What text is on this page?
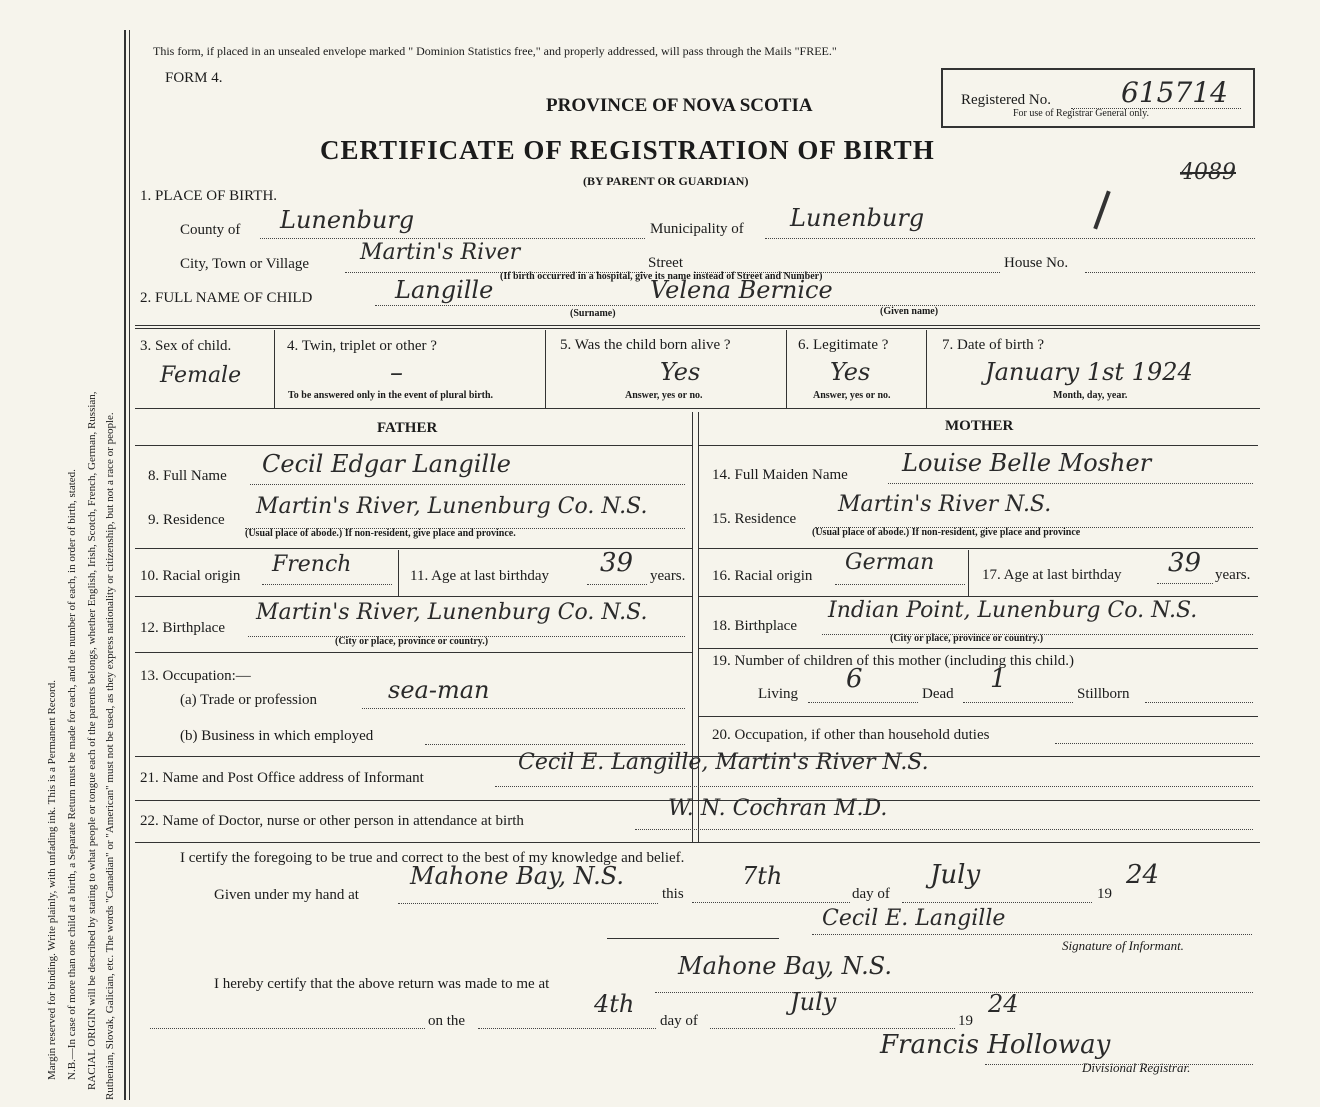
Margin reserved for binding. Write plainly, with unfading ink. This is a Permanent Record. N.B.—In case of more than one child at a birth, a Separate Return must be made for each, and the number of each, in order of birth, stated. RACIAL ORIGIN will be described by stating to what people or tongue each of the parents belongs, whether English, Irish, Scotch, French, German, Russian, Ruthenian, Slovak, Galician, etc. The words "Canadian" or "American" must not be used, as they express nationality or citizenship, but not a race or people.
This form, if placed in an unsealed envelope marked " Dominion Statistics free," and properly addressed, will pass through the Mails "FREE."
FORM 4.
PROVINCE OF NOVA SCOTIA
CERTIFICATE OF REGISTRATION OF BIRTH
(BY PARENT OR GUARDIAN)
Registered No.	615714
For use of Registrar General only.
4089
1. PLACE OF BIRTH.
County of Lunenburg	Municipality of Lunenburg
City, Town or Village Martin's River	Street	House No.
(If birth occurred in a hospital, give its name instead of Street and Number)
2. FULL NAME OF CHILD	Langille	Velena Bernice
(Surname)	(Given name)
3. Sex of child.
Female
4. Twin, triplet or other ?
–
To be answered only in the event of plural birth.
5. Was the child born alive ?
Yes
Answer, yes or no.
6. Legitimate ?
Yes
Answer, yes or no.
7. Date of birth ?
January 1st 1924
Month, day, year.
FATHER	MOTHER
8. Full Name Cecil Edgar Langille
9. Residence
Martin's River, Lunenburg Co. N.S.
(Usual place of abode.) If non-resident, give place and province.
10. Racial origin French	11. Age at last birthday 39 years.
12. Birthplace
Martin's River, Lunenburg Co. N.S.
(City or place, province or country.)
13. Occupation:—
(a) Trade or profession	sea-man
(b) Business in which employed
14. Full Maiden Name Louise Belle Mosher
15. Residence
Martin's River N.S.
(Usual place of abode.) If non-resident, give place and province
16. Racial origin
German	17. Age at last birthday 39 years.
18. Birthplace
Indian Point, Lunenburg Co. N.S.
(City or place, province or country.)
19. Number of children of this mother (including this child.)
Living 6	Dead 1	Stillborn
20. Occupation, if other than household duties
21. Name and Post Office address of Informant
Cecil E. Langille, Martin's River N.S.
22. Name of Doctor, nurse or other person in attendance at birth	W. N. Cochran M.D.
I certify the foregoing to be true and correct to the best of my knowledge and belief.
Given under my hand at
Mahone Bay, N.S.
this
7th
day of
July
19
24
Cecil E. Langille
Signature of Informant.
I hereby certify that the above return was made to me at
Mahone Bay, N.S.
on the
4th
day of
July
19
24
Francis Holloway
Divisional Registrar.
